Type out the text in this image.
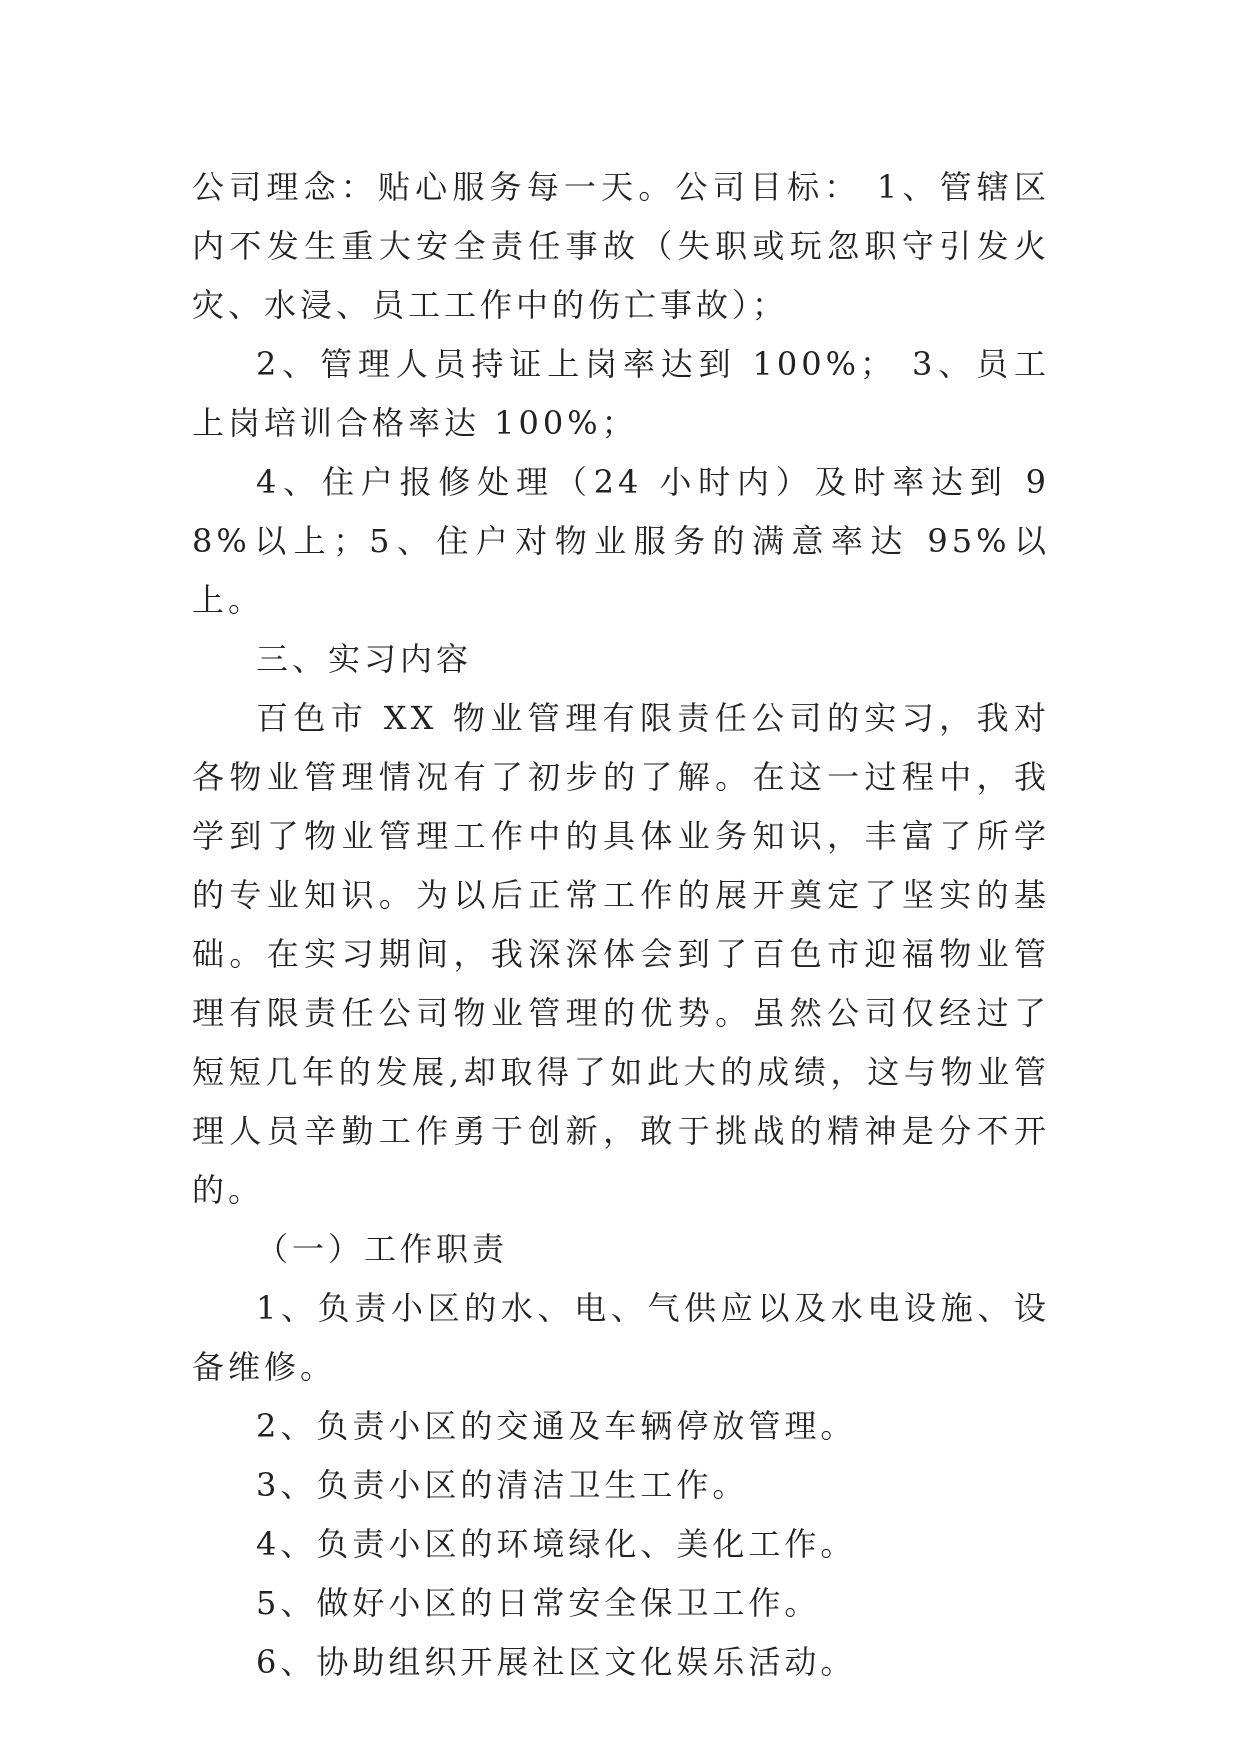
公司理念：贴心服务每一天。公司目标： 1、管辖区内不发生重大安全责任事故（失职或玩忽职守引发火灾、水浸、员工工作中的伤亡事故）；

2、管理人员持证上岗率达到 100%； 3、员工上岗培训合格率达 100%；

4、住户报修处理（24 小时内）及时率达到 98%以上；5、住户对物业服务的满意率达 95%以上。

三、实习内容

百色市 XX 物业管理有限责任公司的实习，我对各物业管理情况有了初步的了解。在这一过程中，我学到了物业管理工作中的具体业务知识，丰富了所学的专业知识。为以后正常工作的展开奠定了坚实的基础。在实习期间，我深深体会到了百色市迎福物业管理有限责任公司物业管理的优势。虽然公司仅经过了短短几年的发展,却取得了如此大的成绩，这与物业管理人员辛勤工作勇于创新，敢于挑战的精神是分不开的。

（一）工作职责

1、负责小区的水、电、气供应以及水电设施、设备维修。

2、负责小区的交通及车辆停放管理。

3、负责小区的清洁卫生工作。

4、负责小区的环境绿化、美化工作。

5、做好小区的日常安全保卫工作。

6、协助组织开展社区文化娱乐活动。
